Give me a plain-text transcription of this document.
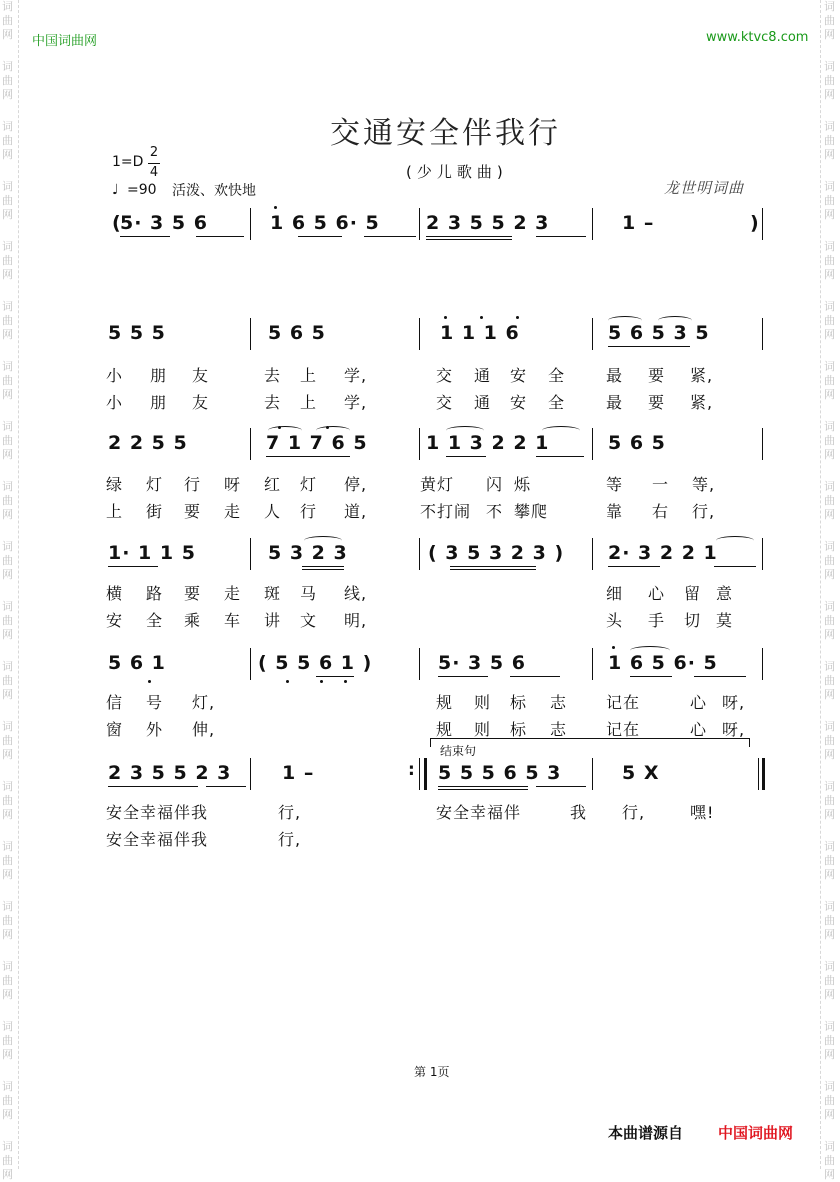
词
曲
网
词
曲
网
词
曲
网
词
曲
网
词
曲
网
词
曲
网
词
曲
网
词
曲
网
词
曲
网
词
曲
网
词
曲
网
词
曲
网
词
曲
网
词
曲
网
词
曲
网
词
曲
网
词
曲
网
词
曲
网
词
曲
网
词
曲
网
词
曲
网
词
曲
网
词
曲
网
词
曲
网
词
曲
网
词
曲
网
词
曲
网
词
曲
网
词
曲
网
词
曲
网
词
曲
网
词
曲
网
词
曲
网
词
曲
网
词
曲
网
词
曲
网
词
曲
网
词
曲
网
词
曲
网
词
曲
网
中国词曲网	www.ktvc8.com
交通安全伴我行
(少儿歌曲)
1=D
2
4
♩ =90 活泼、欢快地	龙世明词曲
(
5· 3 5 6	1 6 5 6· 5 2 3 5 5 2 3	1 –	)
5 5 5	5 6 5	1 1 1 6	5 6 5 3 5
小 朋 友	去 上 学,	交 通 安 全	最 要 紧,
小 朋 友	去 上 学,	交 通 安 全	最 要 紧,
2 2 5 5	7 1 7 6 5	1 1 3 2 2 1	5 6 5
绿 灯 行 呀 红 灯 停,	黄灯 闪 烁	等 一 等,
上 街 要 走 人 行 道,	不打闹 不 攀爬	靠 右 行,
1· 1 1 5	5 3 2 3	( 3 5 3 2 3 ) 2· 3 2 2 1
横 路 要 走 斑 马 线,	细 心 留 意
安 全 乘 车 讲 文 明,	头 手 切 莫
5 6 1	( 5 5 6 1 )	5· 3 5 6	1 6 5 6· 5
信 号 灯,	规 则 标 志 记在	心 呀,
窗 外 伸,	规 则 标 志 记在	心 呀,
结束句
2 3 5 5 2 3	1 –	: 5 5 5 6 5 3	5 X
安全幸福伴我	行,	安全幸福伴	我 行,	嘿!
安全幸福伴我	行,
第 1页
本曲谱源自 中国词曲网
